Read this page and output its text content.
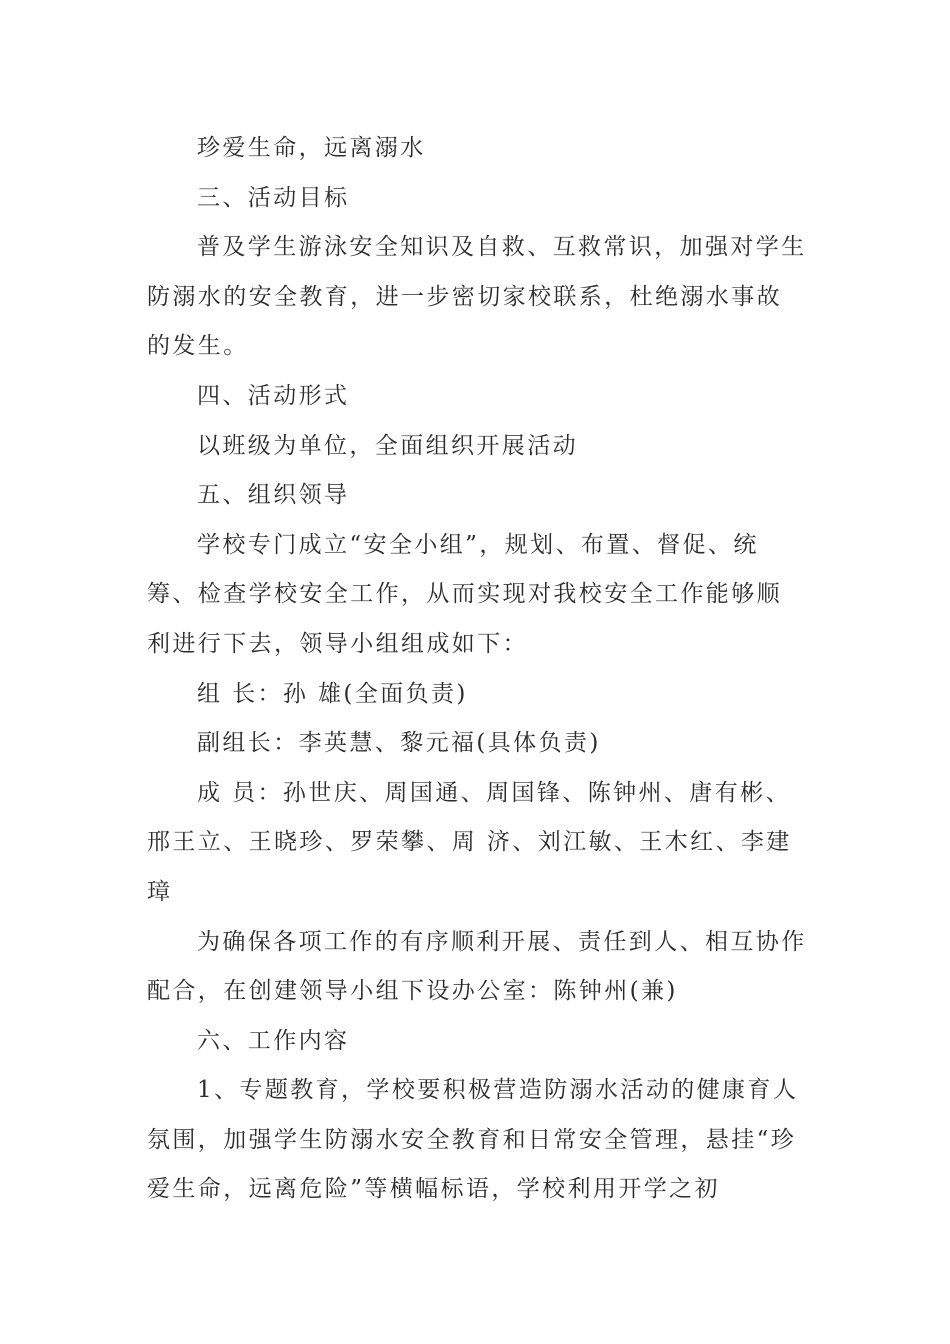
珍爱生命，远离溺水

三、活动目标

普及学生游泳安全知识及自救、互救常识，加强对学生防溺水的安全教育，进一步密切家校联系，杜绝溺水事故的发生。

四、活动形式

以班级为单位，全面组织开展活动

五、组织领导

学校专门成立“安全小组”，规划、布置、督促、统筹、检查学校安全工作，从而实现对我校安全工作能够顺利进行下去，领导小组组成如下：

组 长：孙 雄(全面负责)

副组长：李英慧、黎元福(具体负责)

成 员：孙世庆、周国通、周国锋、陈钟州、唐有彬、邢王立、王晓珍、罗荣攀、周 济、刘江敏、王木红、李建璋

为确保各项工作的有序顺利开展、责任到人、相互协作配合，在创建领导小组下设办公室：陈钟州(兼)

六、工作内容

1、专题教育，学校要积极营造防溺水活动的健康育人氛围，加强学生防溺水安全教育和日常安全管理，悬挂“珍爱生命，远离危险”等横幅标语，学校利用开学之初
